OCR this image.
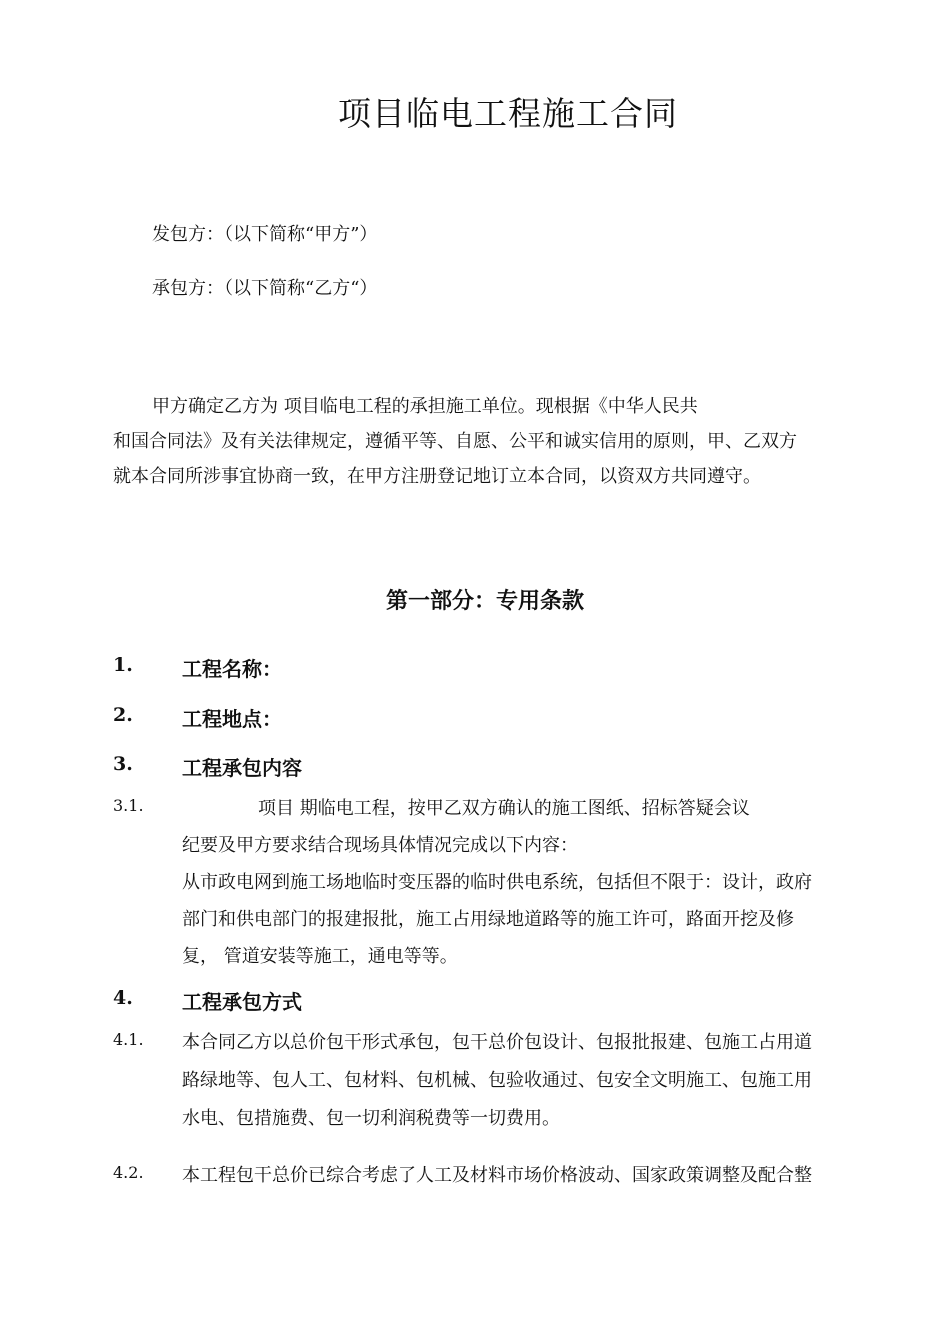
项目临电工程施工合同
发包方：（以下简称“甲方”）
承包方：（以下简称“乙方“）
甲方确定乙方为 项目临电工程的承担施工单位。现根据《中华人民共
和国合同法》及有关法律规定，遵循平等、自愿、公平和诚实信用的原则，甲、乙双方
就本合同所涉事宜协商一致，在甲方注册登记地订立本合同，以资双方共同遵守。
第一部分：专用条款
1. 工程名称：
2. 工程地点：
3. 工程承包内容
3.1.	项目 期临电工程，按甲乙双方确认的施工图纸、招标答疑会议
纪要及甲方要求结合现场具体情况完成以下内容：
从市政电网到施工场地临时变压器的临时供电系统，包括但不限于：设计，政府
部门和供电部门的报建报批，施工占用绿地道路等的施工许可，路面开挖及修
复， 管道安装等施工，通电等等。
4. 工程承包方式
4.1. 本合同乙方以总价包干形式承包，包干总价包设计、包报批报建、包施工占用道
路绿地等、包人工、包材料、包机械、包验收通过、包安全文明施工、包施工用
水电、包措施费、包一切利润税费等一切费用。
4.2. 本工程包干总价已综合考虑了人工及材料市场价格波动、国家政策调整及配合整
